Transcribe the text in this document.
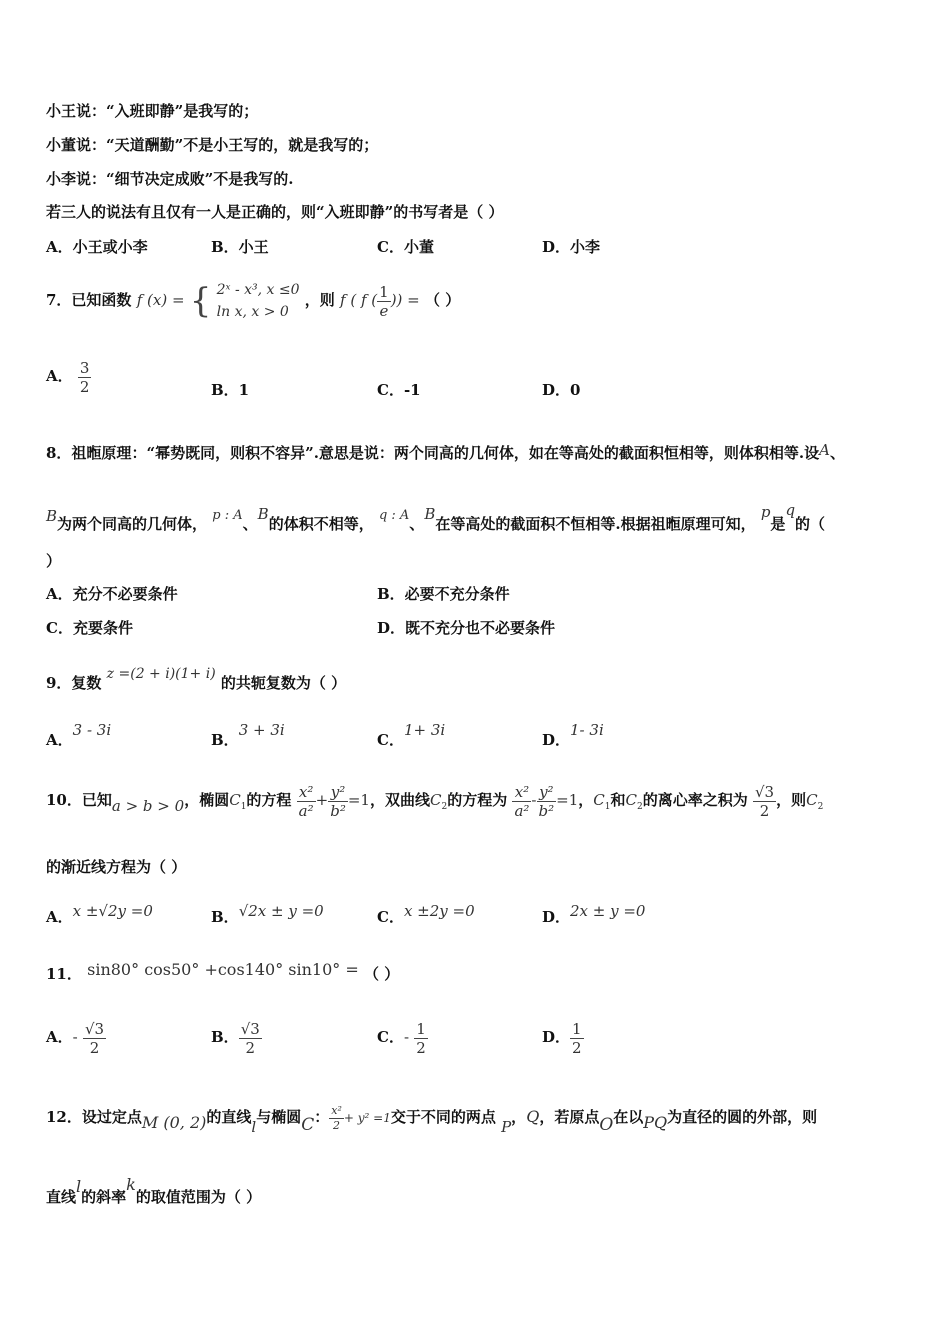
小王说：“入班即静”是我写的；
小董说：“天道酬勤”不是小王写的，就是我写的；
小李说：“细节决定成败”不是我写的.
若三人的说法有且仅有一人是正确的，则“入班即静”的书写者是（ ）
A．小王或小李	B．小王	C．小董	D．小李
7．已知函数 f (x) = { 2ˣ - x³, x ≤0
ln x, x > 0
，则 f ( f ( $\frac{1}{e}$ )) = （ ）
A． $\frac{3}{2}$	B．1	C．-1	D．0
8．祖暅原理：“幂势既同，则积不容异”.意思是说：两个同高的几何体，如在等高处的截面积恒相等，则体积相等.设A、
B为两个同高的几何体， p : A、B的体积不相等， q : A、B在等高处的截面积不恒相等.根据祖暅原理可知， p是q的（
）
A．充分不必要条件	B．必要不充分条件
C．充要条件	D．既不充分也不必要条件
9．复数 z =(2 + i)(1+ i) 的共轭复数为（ ）
A．3 - 3i
B．3 + 3i
C．1+ 3i
D．1- 3i
10．已知a > b > 0，椭圆$C_1$的方程 $\frac{\text{x²}}{\text{a²}} + \frac{\text{y²}}{\text{b²}} =1$，双曲线$C_2$的方程为 $\frac{\text{x²}}{\text{a²}} - \frac{\text{y²}}{\text{b²}} =1$，$C_1$和$C_2$的离心率之积为 $\frac{√3}{2}$ ，则$C_2$
的渐近线方程为（ ）
A．x ±√2y =0	B．√2x ± y =0	C．x ±2y =0	D．2x ± y =0
11． sin80° cos50° +cos140° sin10° = （ ）
A．- $\frac{√3}{2}$	B． $\frac{√3}{2}$	C．- $\frac{1}{2}$	D． $\frac{1}{2}$
12．设过定点M (0, 2)的直线l与椭圆C： $\frac{\text{x²}}{2} + y^2 =1$交于不同的两点 P，Q，若原点O在以PQ为直径的圆的外部，则
直线l的斜率k的取值范围为（ ）
